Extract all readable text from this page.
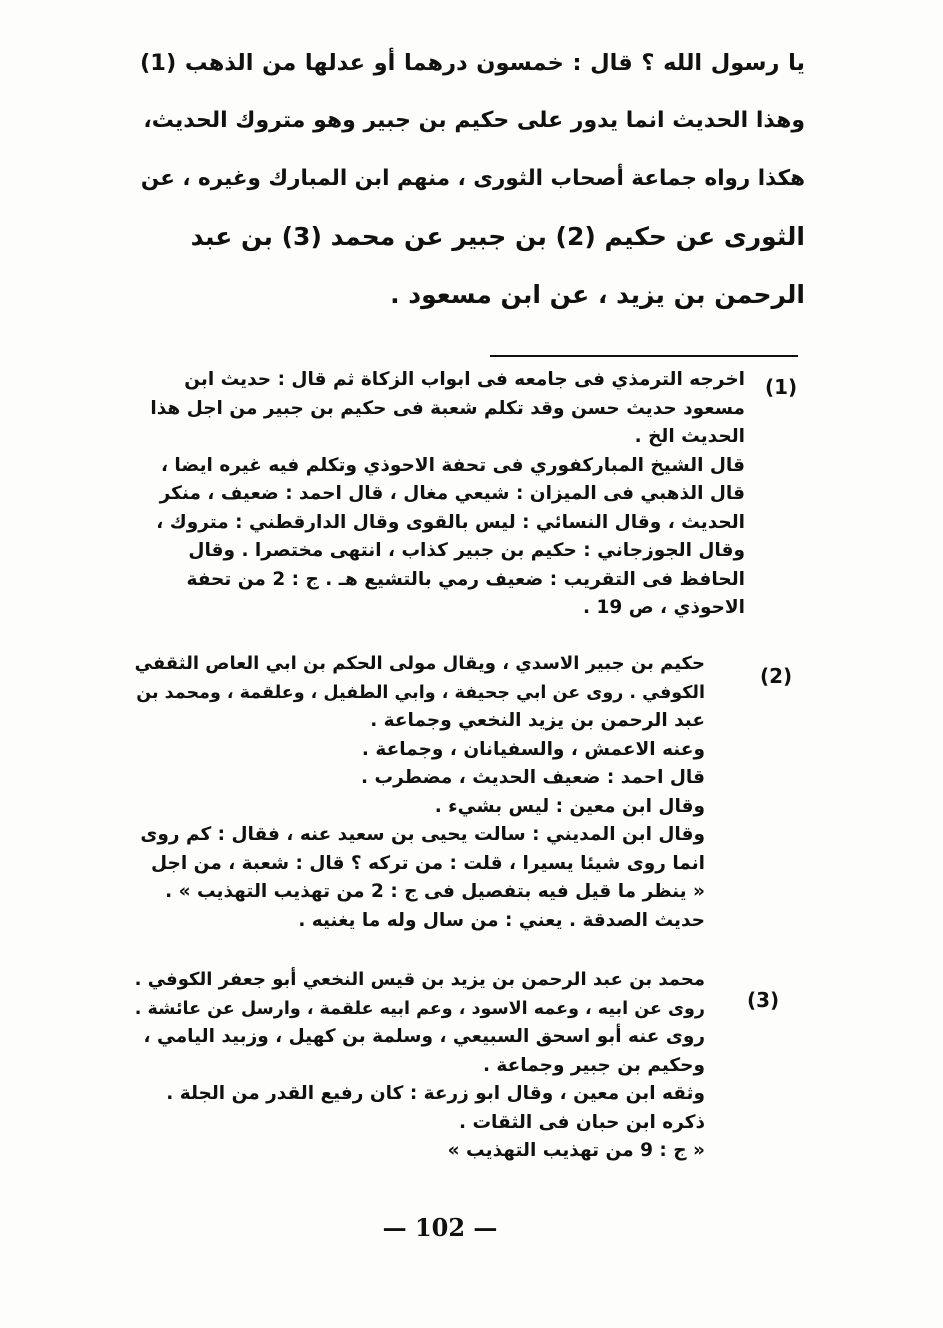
يا رسول الله ؟ قال : خمسون درهما أو عدلها من الذهب (1)
وهذا الحديث انما يدور على حكيم بن جبير وهو متروك الحديث،
هكذا رواه جماعة أصحاب الثورى ، منهم ابن المبارك وغيره ، عن
الثورى عن حكيم (2) بن جبير عن محمد (3) بن عبد
الرحمن بن يزيد ، عن ابن مسعود .
(1)
اخرجه الترمذي فى جامعه فى ابواب الزكاة ثم قال : حديث ابن
مسعود حديث حسن وقد تكلم شعبة فى حكيم بن جبير من اجل هذا
الحديث الخ .
قال الشيخ المباركفوري فى تحفة الاحوذي وتكلم فيه غيره ايضا ،
قال الذهبي فى الميزان : شيعي مغال ، قال احمد : ضعيف ، منكر
الحديث ، وقال النسائي : ليس بالقوى وقال الدارقطني : متروك ،
وقال الجوزجاني : حكيم بن جبير كذاب ، انتهى مختصرا . وقال
الحافظ فى التقريب : ضعيف رمي بالتشيع هـ . ج : 2 من تحفة
الاحوذي ، ص 19 .
(2)
حكيم بن جبير الاسدي ، ويقال مولى الحكم بن ابي العاص الثقفي
الكوفي . روى عن ابي جحيفة ، وابي الطفيل ، وعلقمة ، ومحمد بن
عبد الرحمن بن يزيد النخعي وجماعة .
وعنه الاعمش ، والسفيانان ، وجماعة .
قال احمد : ضعيف الحديث ، مضطرب .
وقال ابن معين : ليس بشيء .
وقال ابن المديني : سالت يحيى بن سعيد عنه ، فقال : كم روى
انما روى شيئا يسيرا ، قلت : من تركه ؟ قال : شعبة ، من اجل
« ينظر ما قيل فيه بتفصيل فى ج : 2 من تهذيب التهذيب » .
حديث الصدقة . يعني : من سال وله ما يغنيه .
(3)
محمد بن عبد الرحمن بن يزيد بن قيس النخعي أبو جعفر الكوفي .
روى عن ابيه ، وعمه الاسود ، وعم ابيه علقمة ، وارسل عن عائشة .
روى عنه أبو اسحق السبيعي ، وسلمة بن كهيل ، وزبيد اليامي ،
وحكيم بن جبير وجماعة .
وثقه ابن معين ، وقال ابو زرعة : كان رفيع القدر من الجلة .
ذكره ابن حبان فى الثقات .
« ج : 9 من تهذيب التهذيب »
— 102 —
